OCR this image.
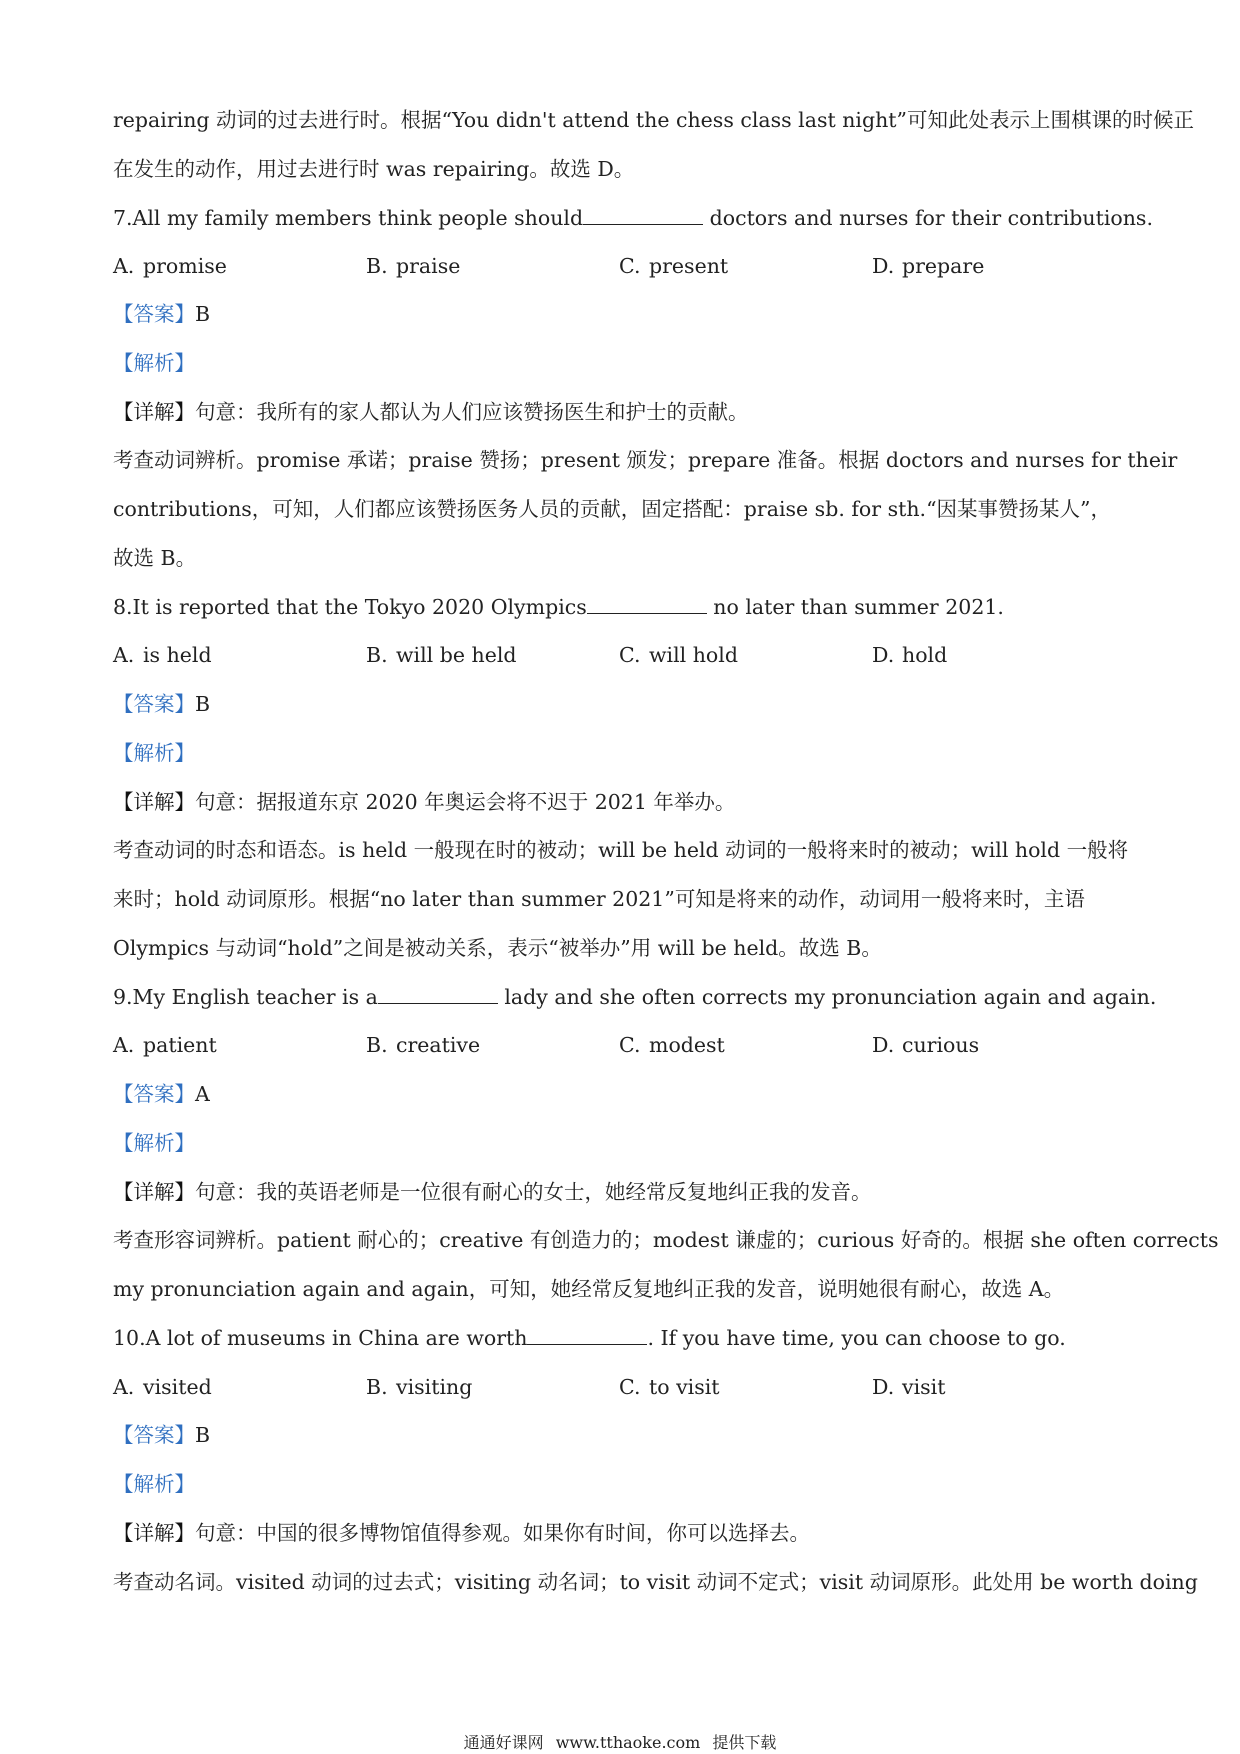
repairing 动词的过去进行时。根据“You didn't attend the chess class last night”可知此处表示上围棋课的时候正
在发生的动作，用过去进行时 was repairing。故选 D。
7.All my family members think people should	doctors and nurses for their contributions.
A. promise	B. praise	C. present	D. prepare
【答案】B
【解析】
【详解】句意：我所有的家人都认为人们应该赞扬医生和护士的贡献。
考查动词辨析。promise 承诺；praise 赞扬；present 颁发；prepare 准备。根据 doctors and nurses for their
contributions，可知，人们都应该赞扬医务人员的贡献，固定搭配：praise sb. for sth.“因某事赞扬某人”，
故选 B。
8.It is reported that the Tokyo 2020 Olympics	no later than summer 2021.
A. is held	B. will be held	C. will hold	D. hold
【答案】B
【解析】
【详解】句意：据报道东京 2020 年奥运会将不迟于 2021 年举办。
考查动词的时态和语态。is held 一般现在时的被动；will be held 动词的一般将来时的被动；will hold 一般将
来时；hold 动词原形。根据“no later than summer 2021”可知是将来的动作，动词用一般将来时，主语
Olympics 与动词“hold”之间是被动关系，表示“被举办”用 will be held。故选 B。
9.My English teacher is a	lady and she often corrects my pronunciation again and again.
A. patient	B. creative	C. modest	D. curious
【答案】A
【解析】
【详解】句意：我的英语老师是一位很有耐心的女士，她经常反复地纠正我的发音。
考查形容词辨析。patient 耐心的；creative 有创造力的；modest 谦虚的；curious 好奇的。根据 she often corrects
my pronunciation again and again，可知，她经常反复地纠正我的发音，说明她很有耐心，故选 A。
10.A lot of museums in China are worth	. If you have time, you can choose to go.
A. visited	B. visiting	C. to visit	D. visit
【答案】B
【解析】
【详解】句意：中国的很多博物馆值得参观。如果你有时间，你可以选择去。
考查动名词。visited 动词的过去式；visiting 动名词；to visit 动词不定式；visit 动词原形。此处用 be worth doing
通通好课网 www.tthaoke.com 提供下载
